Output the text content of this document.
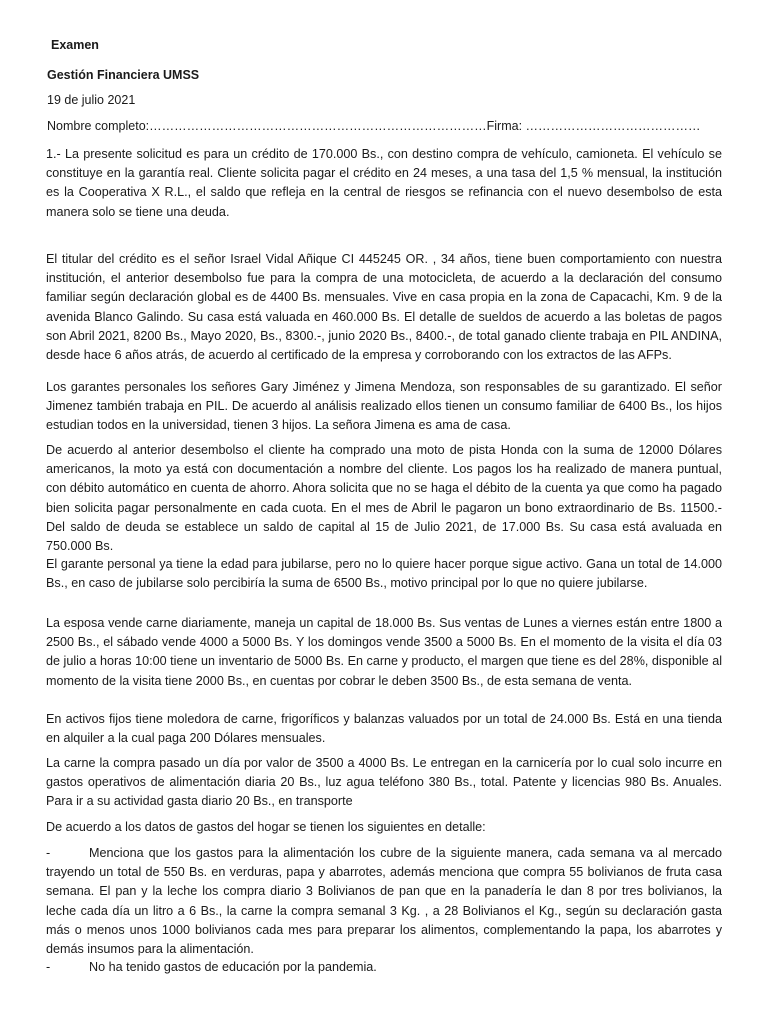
Examen
Gestión Financiera UMSS
19 de julio 2021
Nombre completo:………………………………………………………………………Firma: ……………………………………

1.- La presente solicitud es para un crédito de 170.000 Bs., con destino compra de vehículo, camioneta. El vehículo se constituye en la garantía real. Cliente solicita pagar el crédito en 24 meses, a una tasa del 1,5 % mensual, la institución es la Cooperativa X R.L., el saldo que refleja en la central de riesgos se refinancia con el nuevo desembolso de esta manera solo se tiene una deuda.

El titular del crédito es el señor Israel Vidal Añique CI 445245 OR. , 34 años, tiene buen comportamiento con nuestra institución, el anterior desembolso fue para la compra de una motocicleta, de acuerdo a la declaración del consumo familiar según declaración global es de 4400 Bs. mensuales. Vive en casa propia en la zona de Capacachi, Km. 9 de la avenida Blanco Galindo. Su casa está valuada en 460.000 Bs. El detalle de sueldos de acuerdo a las boletas de pagos son Abril 2021, 8200 Bs., Mayo 2020, Bs., 8300.-, junio 2020 Bs., 8400.-, de total ganado cliente trabaja en PIL ANDINA, desde hace 6 años atrás, de acuerdo al certificado de la empresa y corroborando con los extractos de las AFPs.

Los garantes personales los señores Gary Jiménez y Jimena Mendoza, son responsables de su garantizado. El señor Jimenez también trabaja en PIL. De acuerdo al análisis realizado ellos tienen un consumo familiar de 6400 Bs., los hijos estudian todos en la universidad, tienen 3 hijos. La señora Jimena es ama de casa.

De acuerdo al anterior desembolso el cliente ha comprado una moto de pista Honda con la suma de 12000 Dólares americanos, la moto ya está con documentación a nombre del cliente. Los pagos los ha realizado de manera puntual, con débito automático en cuenta de ahorro. Ahora solicita que no se haga el débito de la cuenta ya que como ha pagado bien solicita pagar personalmente en cada cuota. En el mes de Abril le pagaron un bono extraordinario de Bs. 11500.- Del saldo de deuda se establece un saldo de capital al 15 de Julio 2021, de 17.000 Bs. Su casa está avaluada en 750.000 Bs.

El garante personal ya tiene la edad para jubilarse, pero no lo quiere hacer porque sigue activo. Gana un total de 14.000 Bs., en caso de jubilarse solo percibiría la suma de 6500 Bs., motivo principal por lo que no quiere jubilarse.

La esposa vende carne diariamente, maneja un capital de 18.000 Bs. Sus ventas de Lunes a viernes están entre 1800 a 2500 Bs., el sábado vende 4000 a 5000 Bs. Y los domingos vende 3500 a 5000 Bs. En el momento de la visita el día 03 de julio a horas 10:00 tiene un inventario de 5000 Bs. En carne y producto, el margen que tiene es del 28%, disponible al momento de la visita tiene 2000 Bs., en cuentas por cobrar le deben 3500 Bs., de esta semana de venta.

En activos fijos tiene moledora de carne, frigoríficos y balanzas valuados por un total de 24.000 Bs. Está en una tienda en alquiler a la cual paga 200 Dólares mensuales.

La carne la compra pasado un día por valor de 3500 a 4000 Bs. Le entregan en la carnicería por lo cual solo incurre en gastos operativos de alimentación diaria 20 Bs., luz agua teléfono 380 Bs., total. Patente y licencias 980 Bs. Anuales. Para ir a su actividad gasta diario 20 Bs., en transporte

De acuerdo a los datos de gastos del hogar se tienen los siguientes en detalle:

-	Menciona que los gastos para la alimentación los cubre de la siguiente manera, cada semana va al mercado trayendo un total de 550 Bs. en verduras, papa y abarrotes, además menciona que compra 55 bolivianos de fruta casa semana. El pan y la leche los compra diario 3 Bolivianos de pan que en la panadería le dan 8 por tres bolivianos, la leche cada día un litro a 6 Bs., la carne la compra semanal 3 Kg. , a 28 Bolivianos el Kg., según su declaración gasta más o menos unos 1000 bolivianos cada mes para preparar los alimentos, complementando la papa, los abarrotes y demás insumos para la alimentación.

-	No ha tenido gastos de educación por la pandemia.
